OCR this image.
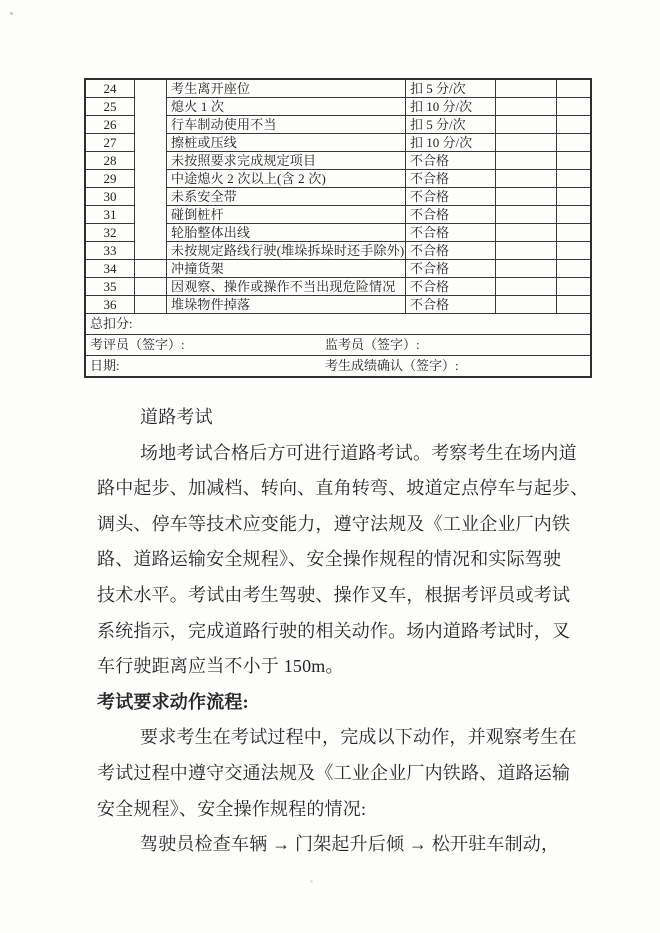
24		考生离开座位	扣 5 分/次		
25		熄火 1 次	扣 10 分/次		
26		行车制动使用不当	扣 5 分/次		
27		擦桩或压线	扣 10 分/次		
28		未按照要求完成规定项目	不合格		
29		中途熄火 2 次以上(含 2 次)	不合格		
30		未系安全带	不合格		
31		碰倒桩杆	不合格		
32		轮胎整体出线	不合格		
33		未按规定路线行驶(堆垛拆垛时还手除外)	不合格		
34		冲撞货架	不合格		
35		因观察、操作或操作不当出现危险情况	不合格		
36		堆垛物件掉落	不合格		
总扣分:					
考评员（签字）: 监考员（签字）:					

日期: 考生成绩确认（签字）:					
道路考试
场地考试合格后方可进行道路考试。考察考生在场内道
路中起步、加减档、转向、直角转弯、坡道定点停车与起步、
调头、停车等技术应变能力，遵守法规及《工业企业厂内铁
路、道路运输安全规程》、安全操作规程的情况和实际驾驶
技术水平。考试由考生驾驶、操作叉车，根据考评员或考试
系统指示，完成道路行驶的相关动作。场内道路考试时，叉
车行驶距离应当不小于 150m。
考试要求动作流程:
要求考生在考试过程中，完成以下动作，并观察考生在
考试过程中遵守交通法规及《工业企业厂内铁路、道路运输
安全规程》、安全操作规程的情况:
驾驶员检查车辆 → 门架起升后倾 → 松开驻车制动，
